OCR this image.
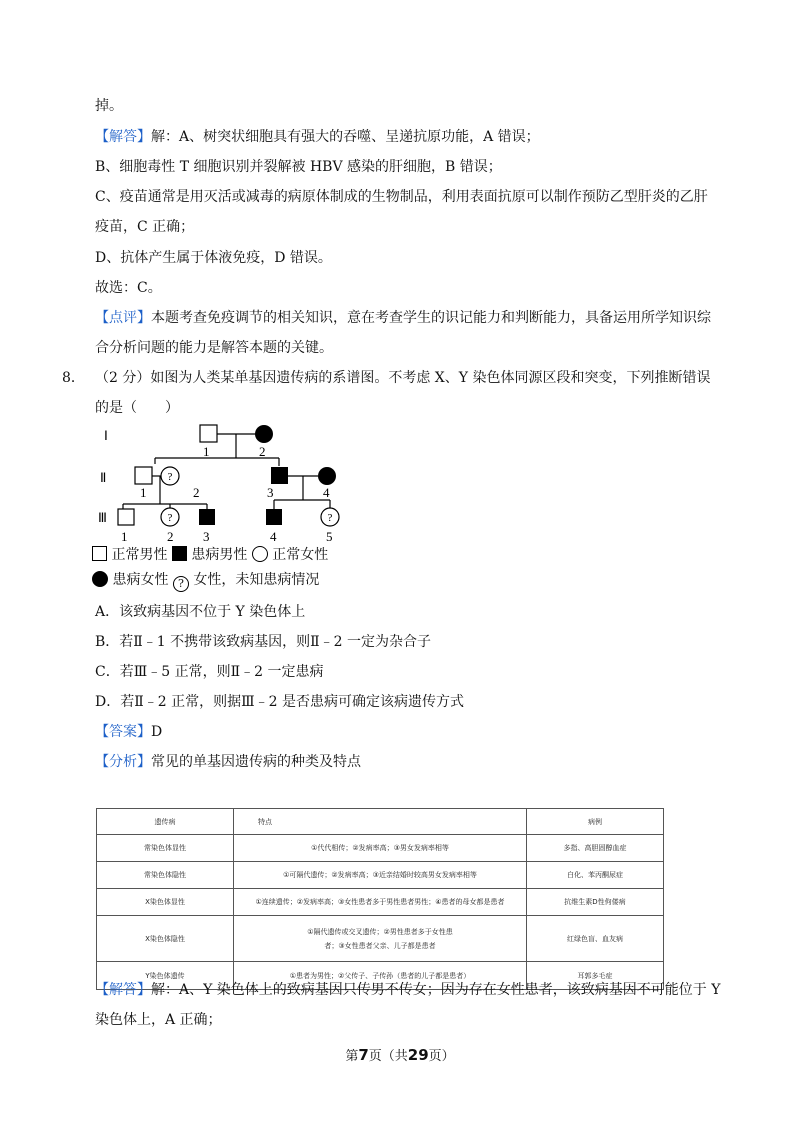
掉。
【解答】解：A、树突状细胞具有强大的吞噬、呈递抗原功能，A 错误；
B、细胞毒性 T 细胞识别并裂解被 HBV 感染的肝细胞，B 错误；
C、疫苗通常是用灭活或减毒的病原体制成的生物制品，利用表面抗原可以制作预防乙型肝炎的乙肝
疫苗，C 正确；
D、抗体产生属于体液免疫，D 错误。
故选：C。
【点评】本题考查免疫调节的相关知识，意在考查学生的识记能力和判断能力，具备运用所学知识综
合分析问题的能力是解答本题的关键。
8． （2 分）如图为人类某单基因遗传病的系谱图。不考虑 X、Y 染色体同源区段和突变，下列推断错误
的是（　　）
Ⅰ
Ⅱ
Ⅲ
1	2
?
1	2	3	4
?	?
1	2 3	4	5
正常男性 患病男性 正常女性
患病女性 ? 女性，未知患病情况
A．该致病基因不位于 Y 染色体上
B．若Ⅱ﹣1 不携带该致病基因，则Ⅱ﹣2 一定为杂合子
C．若Ⅲ﹣5 正常，则Ⅱ﹣2 一定患病
D．若Ⅱ﹣2 正常，则据Ⅲ﹣2 是否患病可确定该病遗传方式
【答案】D
【分析】常见的单基因遗传病的种类及特点
遗传病	特点	病例
常染色体显性	①代代相传；②发病率高；③男女发病率相等	多指、高胆固醇血症
常染色体隐性	①可隔代遗传；②发病率高；③近亲结婚时较高男女发病率相等	白化、苯丙酮尿症
X染色体显性	①连续遗传；②发病率高；③女性患者多于男性患者男性；④患者的母女都是患者	抗维生素D性佝偻病
X染色体隐性	①隔代遗传或交叉遗传；②男性患者多于女性患者；③女性患者父亲、儿子都是患者	红绿色盲、血友病
Y染色体遗传	①患者为男性；②父传子、子传孙（患者的儿子都是患者）	耳郭多毛症
【解答】解：A、Y 染色体上的致病基因只传男不传女；因为存在女性患者，该致病基因不可能位于 Y
染色体上，A 正确；
第7页（共29页）
